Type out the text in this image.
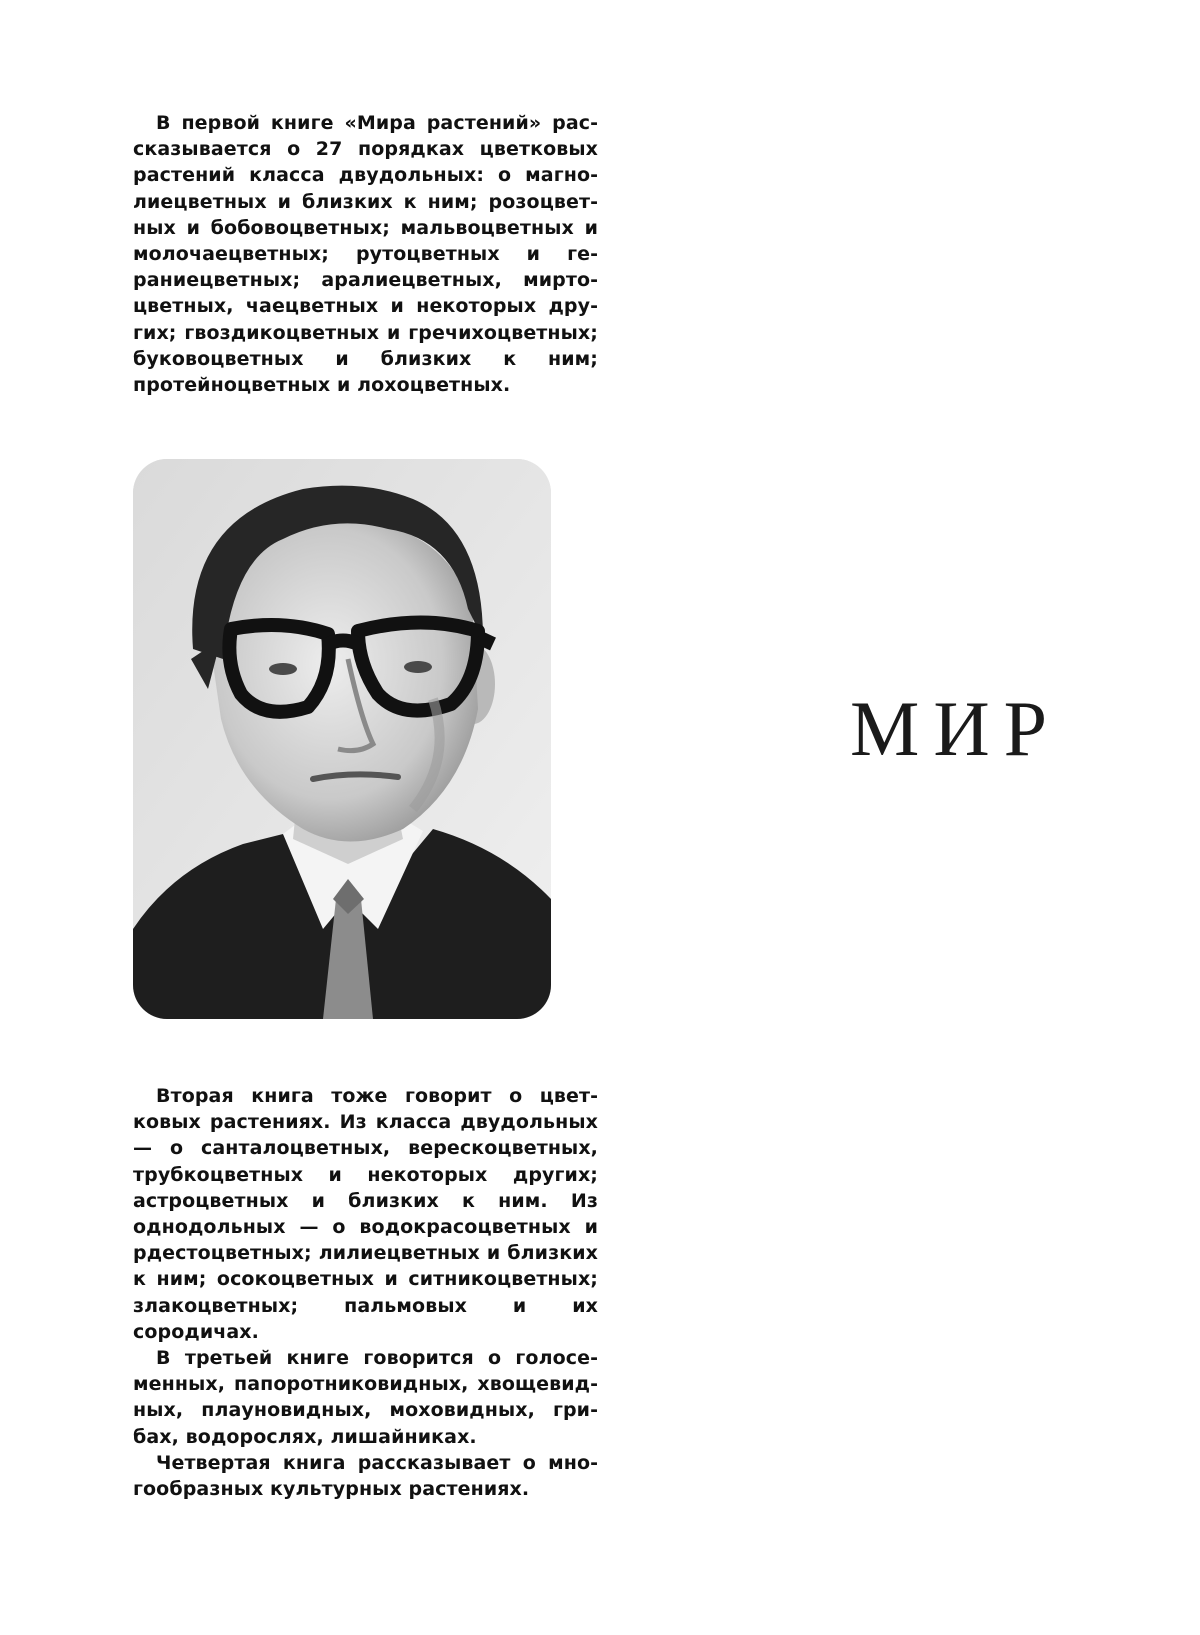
В первой книге «Мира растений» рассказывается о 27 порядках цветковых растений класса двудольных: о магнолиецветных и близких к ним; розоцветных и бобовоцветных; мальвоцветных и молочаецветных; рутоцветных и гераниецветных; аралиецветных, миртоцветных, чаецветных и некоторых других; гвоздикоцветных и гречихоцветных; буковоцветных и близких к ним; протейноцветных и лохоцветных.

МИР

Вторая книга тоже говорит о цветковых растениях. Из класса двудольных — о санталоцветных, верескоцветных, трубкоцветных и некоторых других; астроцветных и близких к ним. Из однодольных — о водокрасоцветных и рдестоцветных; лилиецветных и близких к ним; осокоцветных и ситникоцветных; злакоцветных; пальмовых и их сородичах.

В третьей книге говорится о голосеменных, папоротниковидных, хвощевидных, плауновидных, моховидных, грибах, водорослях, лишайниках.

Четвертая книга рассказывает о многообразных культурных растениях.
